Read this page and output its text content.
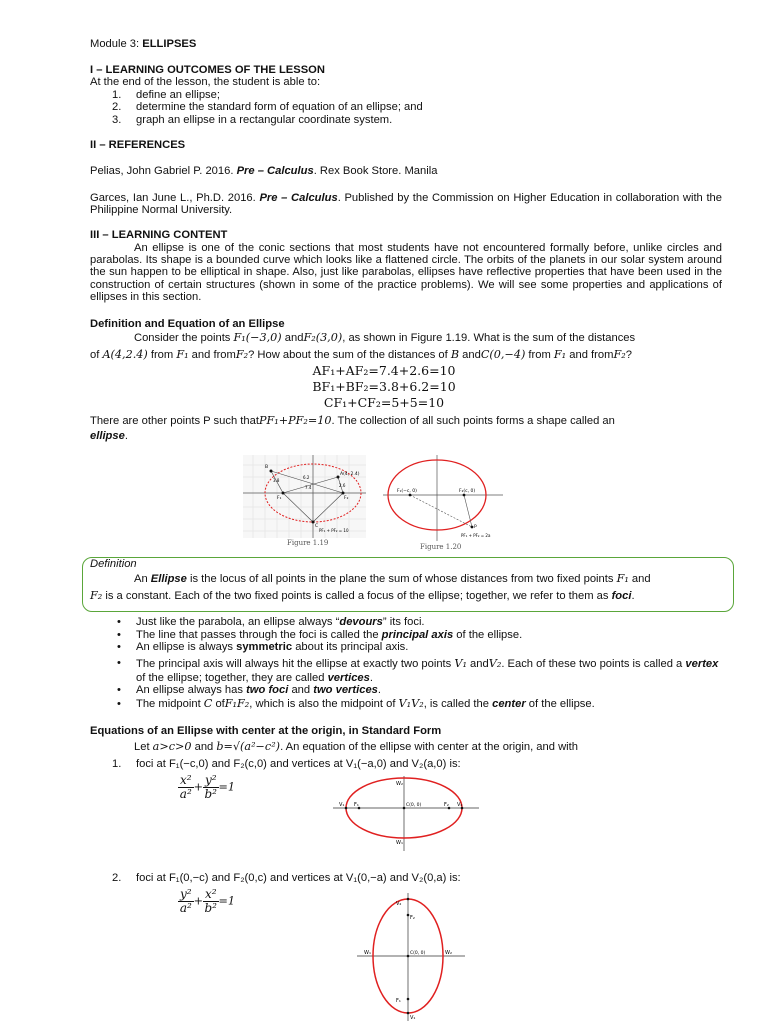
Module 3: ELLIPSES
I – LEARNING OUTCOMES OF THE LESSON
At the end of the lesson, the student is able to:
1. define an ellipse;
2. determine the standard form of equation of an ellipse; and
3. graph an ellipse in a rectangular coordinate system.
II – REFERENCES
Pelias, John Gabriel P. 2016. Pre – Calculus. Rex Book Store. Manila
Garces, Ian June L., Ph.D. 2016. Pre – Calculus. Published by the Commission on Higher Education in collaboration with the Philippine Normal University.
III – LEARNING CONTENT
An ellipse is one of the conic sections that most students have not encountered formally before, unlike circles and parabolas. Its shape is a bounded curve which looks like a flattened circle. The orbits of the planets in our solar system around the sun happen to be elliptical in shape. Also, just like parabolas, ellipses have reflective properties that have been used in the construction of certain structures (shown in some of the practice problems). We will see some properties and applications of ellipses in this section.
Definition and Equation of an Ellipse
Consider the points F₁(−3,0) andF₂(3,0), as shown in Figure 1.19. What is the sum of the distances
of A(4,2.4) from F₁ and fromF₂? How about the sum of the distances of B andC(0,−4) from F₁ and fromF₂?
AF₁+AF₂=7.4+2.6=10
BF₁+BF₂=3.8+6.2=10
CF₁+CF₂=5+5=10
There are other points P such thatPF₁+PF₂=10. The collection of all such points forms a shape called an
ellipse.
A(4, 2.4)
B
C
F₁	F₂
3.8
6.2
2.6
7.4
PF₁ + PF₂ = 10
Figure 1.19
F₁(−c, 0)	F₂(c, 0)
P
PF₁ + PF₂ = 2a
Figure 1.20
Definition
An Ellipse is the locus of all points in the plane the sum of whose distances from two fixed points F₁ and
F₂ is a constant. Each of the two fixed points is called a focus of the ellipse; together, we refer to them as foci.
• Just like the parabola, an ellipse always “devours” its foci.
• The line that passes through the foci is called the principal axis of the ellipse.
• An ellipse is always symmetric about its principal axis.
• The principal axis will always hit the ellipse at exactly two points V₁ andV₂. Each of these two points is called a vertex of the ellipse; together, they are called vertices.
• An ellipse always has two foci and two vertices.
• The midpoint C ofF₁F₂, which is also the midpoint of V₁V₂, is called the center of the ellipse.
Equations of an Ellipse with center at the origin, in Standard Form
Let a>c>0 and b=√(a²−c²). An equation of the ellipse with center at the origin, and with
1. foci at F₁(−c,0) and F₂(c,0) and vertices at V₁(−a,0) and V₂(a,0) is:
$\frac{\text{x²}}{\text{a²}} + \frac{\text{y²}}{\text{b²}} =1$
V₁ F₁	C(0, 0)	F₂ V₂
W₂
W₁
2. foci at F₁(0,−c) and F₂(0,c) and vertices at V₁(0,−a) and V₂(0,a) is:
$\frac{\text{y²}}{\text{a²}} + \frac{\text{x²}}{\text{b²}} =1$	V₂
F₂
C(0, 0)
F₁
V₁
W₁	W₂
